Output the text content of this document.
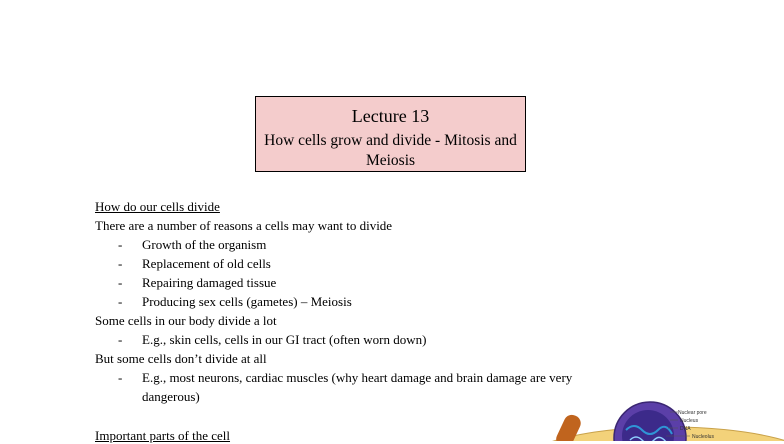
Lecture 13
How cells grow and divide - Mitosis and
Meiosis
How do our cells divide
There are a number of reasons a cells may want to divide
- Growth of the organism
- Replacement of old cells
- Repairing damaged tissue
- Producing sex cells (gametes) – Meiosis
Some cells in our body divide a lot
- E.g., skin cells, cells in our GI tract (often worn down)
But some cells don’t divide at all
- E.g., most neurons, cardiac muscles (why heart damage and brain damage are very
dangerous)
Important parts of the cell
Nuclear pore
Nucleus
DNA
Nucleolus
